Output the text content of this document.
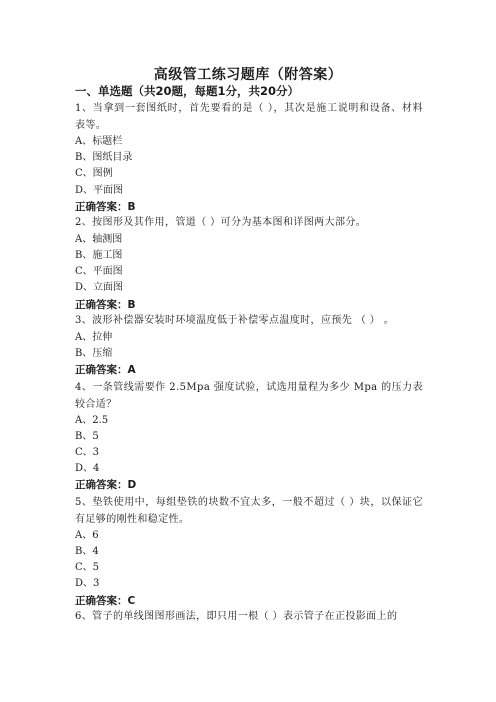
高级管工练习题库（附答案）
一、单选题（共20题，每题1分，共20分）
1、当拿到一套图纸时，首先要看的是（ ），其次是施工说明和设备、材料表等。
A、标题栏
B、图纸目录
C、图例
D、平面图
正确答案：B
2、按图形及其作用，管道（ ）可分为基本图和详图两大部分。
A、轴测图
B、施工图
C、平面图
D、立面图
正确答案：B
3、波形补偿器安装时环境温度低于补偿零点温度时，应预先 （ ） 。
A、拉伸
B、压缩
正确答案：A
4、一条管线需要作 2.5Mpa 强度试验，试选用量程为多少 Mpa 的压力表较合适？
A、2.5
B、5
C、3
D、4
正确答案：D
5、垫铁使用中，每组垫铁的块数不宜太多，一般不超过（ ）块，以保证它有足够的刚性和稳定性。
A、6
B、4
C、5
D、3
正确答案：C
6、管子的单线图图形画法，即只用一根（ ）表示管子在正投影面上的
